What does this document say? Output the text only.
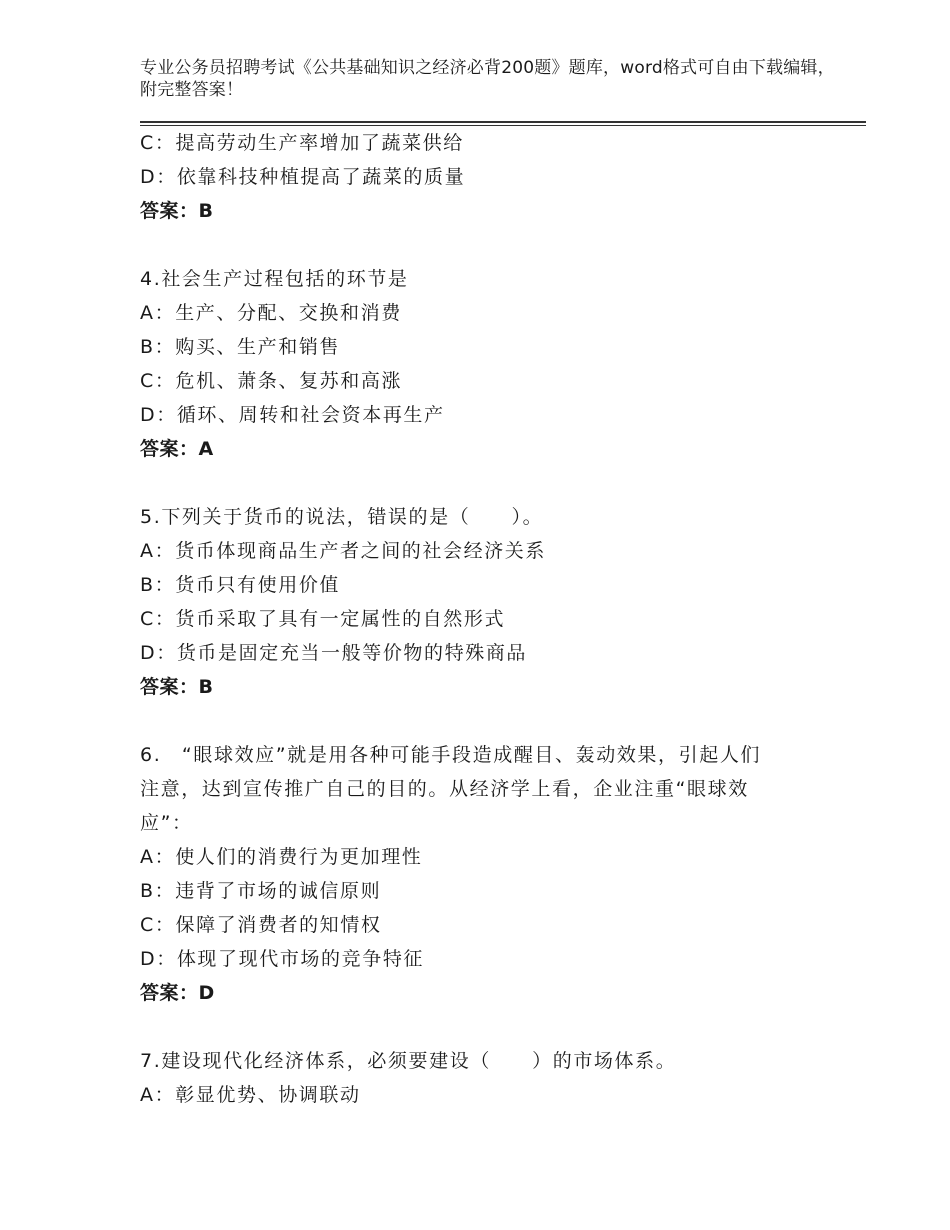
专业公务员招聘考试《公共基础知识之经济必背200题》题库，word格式可自由下载编辑，附完整答案！
C：提高劳动生产率增加了蔬菜供给
D：依靠科技种植提高了蔬菜的质量
答案：B
4.社会生产过程包括的环节是
A：生产、分配、交换和消费
B：购买、生产和销售
C：危机、萧条、复苏和高涨
D：循环、周转和社会资本再生产
答案：A
5.下列关于货币的说法，错误的是（　　）。
A：货币体现商品生产者之间的社会经济关系
B：货币只有使用价值
C：货币采取了具有一定属性的自然形式
D：货币是固定充当一般等价物的特殊商品
答案：B
6.　“眼球效应”就是用各种可能手段造成醒目、轰动效果，引起人们
注意，达到宣传推广自己的目的。从经济学上看，企业注重“眼球效
应”：
A：使人们的消费行为更加理性
B：违背了市场的诚信原则
C：保障了消费者的知情权
D：体现了现代市场的竞争特征
答案：D
7.建设现代化经济体系，必须要建设（　　）的市场体系。
A：彰显优势、协调联动
